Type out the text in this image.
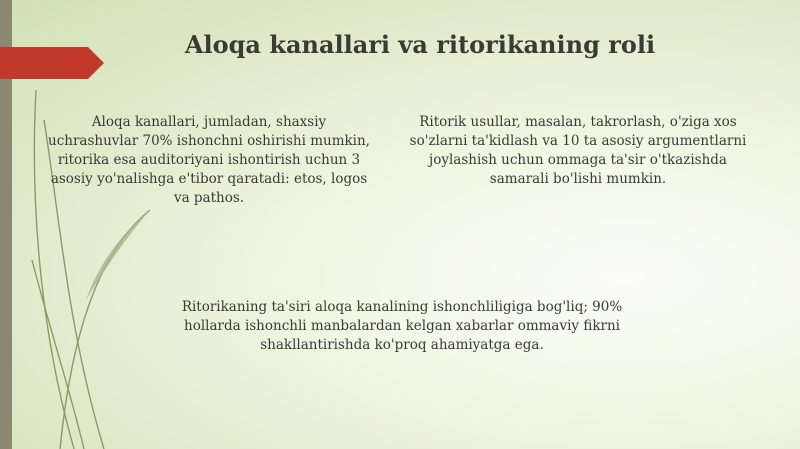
Aloqa kanallari va ritorikaning roli
Aloqa kanallari, jumladan, shaxsiy uchrashuvlar 70% ishonchni oshirishi mumkin, ritorika esa auditoriyani ishontirish uchun 3 asosiy yo'nalishga e'tibor qaratadi: etos, logos va pathos.
Ritorik usullar, masalan, takrorlash, o'ziga xos so'zlarni ta'kidlash va 10 ta asosiy argumentlarni joylashish uchun ommaga ta'sir o'tkazishda samarali bo'lishi mumkin.
Ritorikaning ta'siri aloqa kanalining ishonchliligiga bog'liq; 90% hollarda ishonchli manbalardan kelgan xabarlar ommaviy fikrni shakllantirishda ko'proq ahamiyatga ega.
